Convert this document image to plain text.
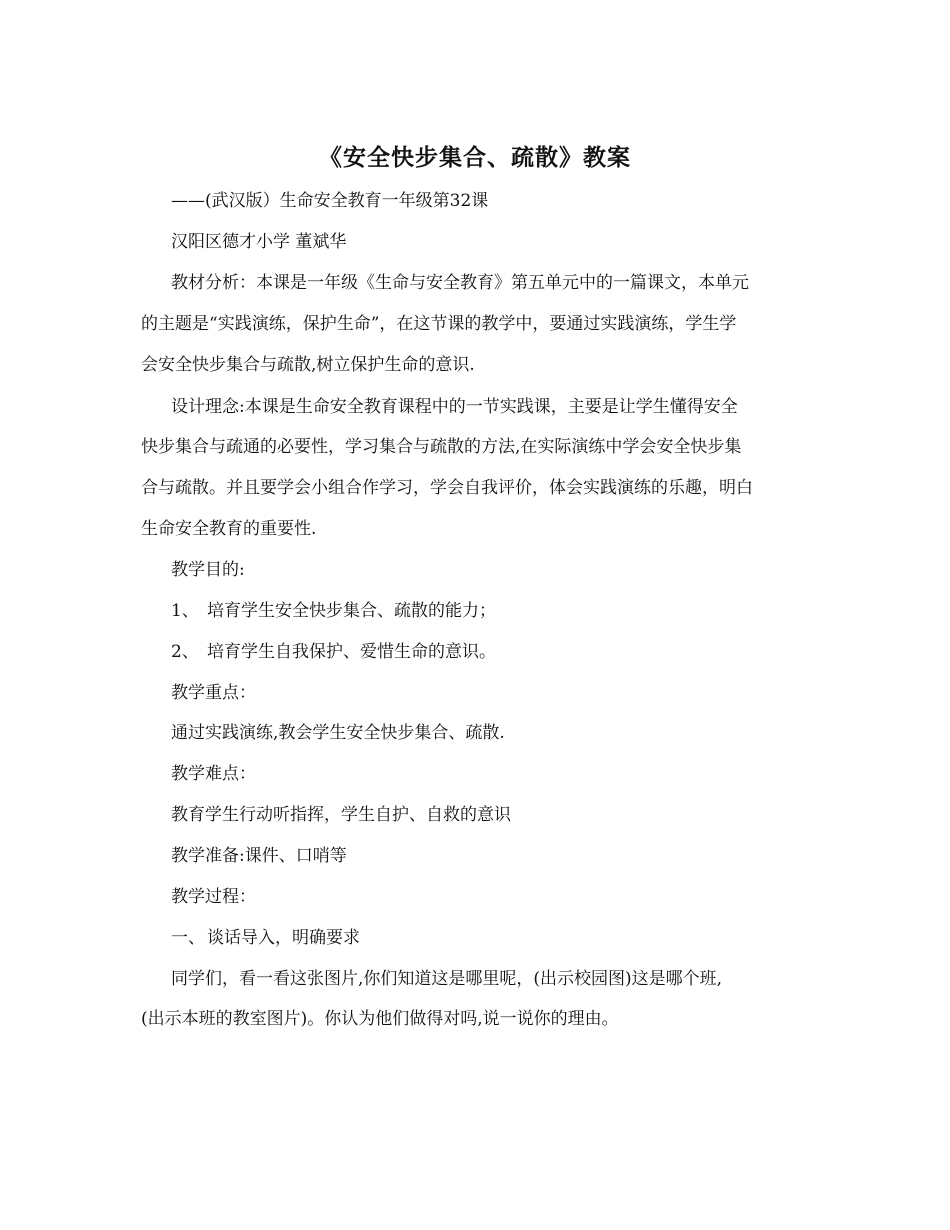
《安全快步集合、疏散》教案
——(武汉版）生命安全教育一年级第32课
汉阳区德才小学 董斌华
教材分析：本课是一年级《生命与安全教育》第五单元中的一篇课文，本单元
的主题是“实践演练，保护生命”，在这节课的教学中，要通过实践演练，学生学
会安全快步集合与疏散,树立保护生命的意识.
设计理念:本课是生命安全教育课程中的一节实践课，主要是让学生懂得安全
快步集合与疏通的必要性，学习集合与疏散的方法,在实际演练中学会安全快步集
合与疏散。并且要学会小组合作学习，学会自我评价，体会实践演练的乐趣，明白
生命安全教育的重要性.
教学目的:
1、 培育学生安全快步集合、疏散的能力；
2、 培育学生自我保护、爱惜生命的意识。
教学重点：
通过实践演练,教会学生安全快步集合、疏散.
教学难点：
教育学生行动听指挥，学生自护、自救的意识
教学准备:课件、口哨等
教学过程：
一、 谈话导入，明确要求
同学们，看一看这张图片,你们知道这是哪里呢，(出示校园图)这是哪个班,
(出示本班的教室图片)。你认为他们做得对吗,说一说你的理由。
